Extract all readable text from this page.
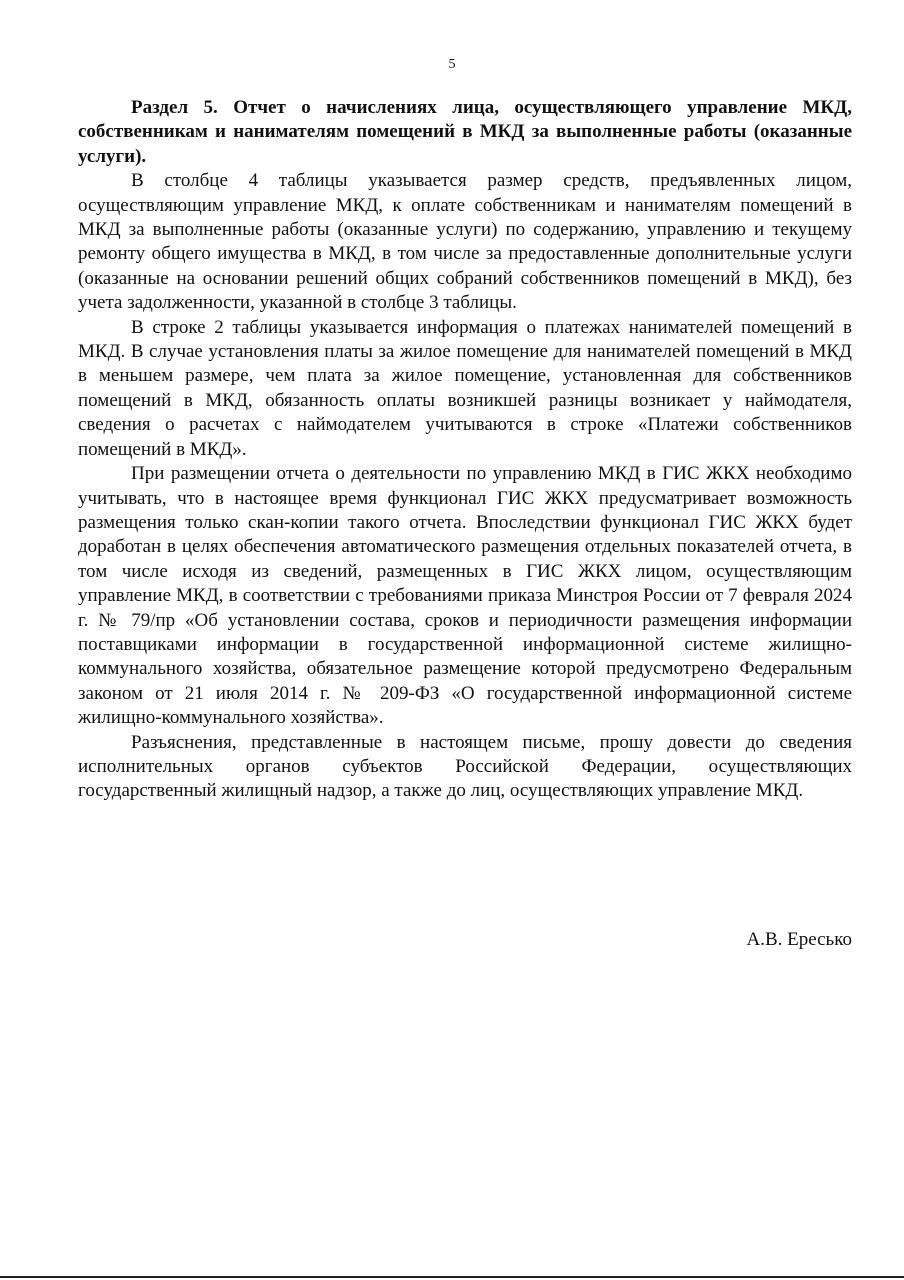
5

Раздел 5. Отчет о начислениях лица, осуществляющего управление МКД, собственникам и нанимателям помещений в МКД за выполненные работы (оказанные услуги).

В столбце 4 таблицы указывается размер средств, предъявленных лицом, осуществляющим управление МКД, к оплате собственникам и нанимателям помещений в МКД за выполненные работы (оказанные услуги) по содержанию, управлению и текущему ремонту общего имущества в МКД, в том числе за предоставленные дополнительные услуги (оказанные на основании решений общих собраний собственников помещений в МКД), без учета задолженности, указанной в столбце 3 таблицы.

В строке 2 таблицы указывается информация о платежах нанимателей помещений в МКД. В случае установления платы за жилое помещение для нанимателей помещений в МКД в меньшем размере, чем плата за жилое помещение, установленная для собственников помещений в МКД, обязанность оплаты возникшей разницы возникает у наймодателя, сведения о расчетах с наймодателем учитываются в строке «Платежи собственников помещений в МКД».

При размещении отчета о деятельности по управлению МКД в ГИС ЖКХ необходимо учитывать, что в настоящее время функционал ГИС ЖКХ предусматривает возможность размещения только скан-копии такого отчета. Впоследствии функционал ГИС ЖКХ будет доработан в целях обеспечения автоматического размещения отдельных показателей отчета, в том числе исходя из сведений, размещенных в ГИС ЖКХ лицом, осуществляющим управление МКД, в соответствии с требованиями приказа Минстроя России от 7 февраля 2024 г. № 79/пр «Об установлении состава, сроков и периодичности размещения информации поставщиками информации в государственной информационной системе жилищно-коммунального хозяйства, обязательное размещение которой предусмотрено Федеральным законом от 21 июля 2014 г. № 209-ФЗ «О государственной информационной системе жилищно-коммунального хозяйства».

Разъяснения, представленные в настоящем письме, прошу довести до сведения исполнительных органов субъектов Российской Федерации, осуществляющих государственный жилищный надзор, а также до лиц, осуществляющих управление МКД.

А.В. Ересько
